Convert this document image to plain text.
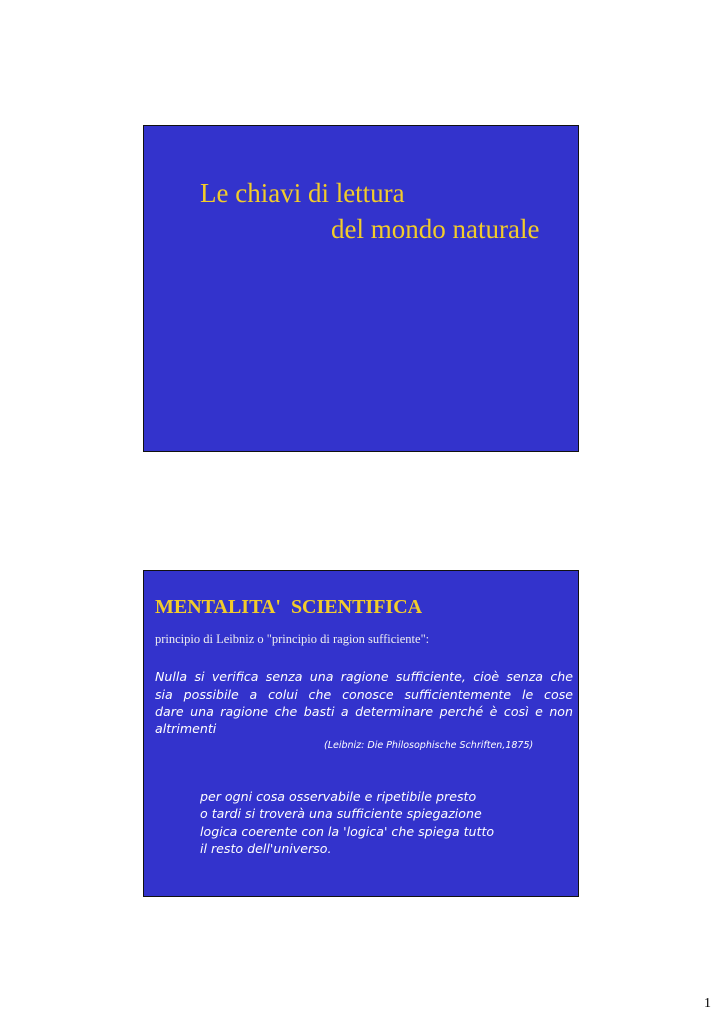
Le chiavi di lettura
del mondo naturale
MENTALITA'  SCIENTIFICA
principio di Leibniz o "principio di ragion sufficiente":
Nulla si verifica senza una ragione sufficiente, cioè senza che
sia possibile a colui che conosce sufficientemente le cose
dare una ragione che basti a determinare perché è così e non
altrimenti
(Leibniz: Die Philosophische Schriften,1875)
per ogni cosa osservabile e ripetibile presto
o tardi si troverà una sufficiente spiegazione
logica coerente con la 'logica' che spiega tutto
il resto dell'universo.
1
